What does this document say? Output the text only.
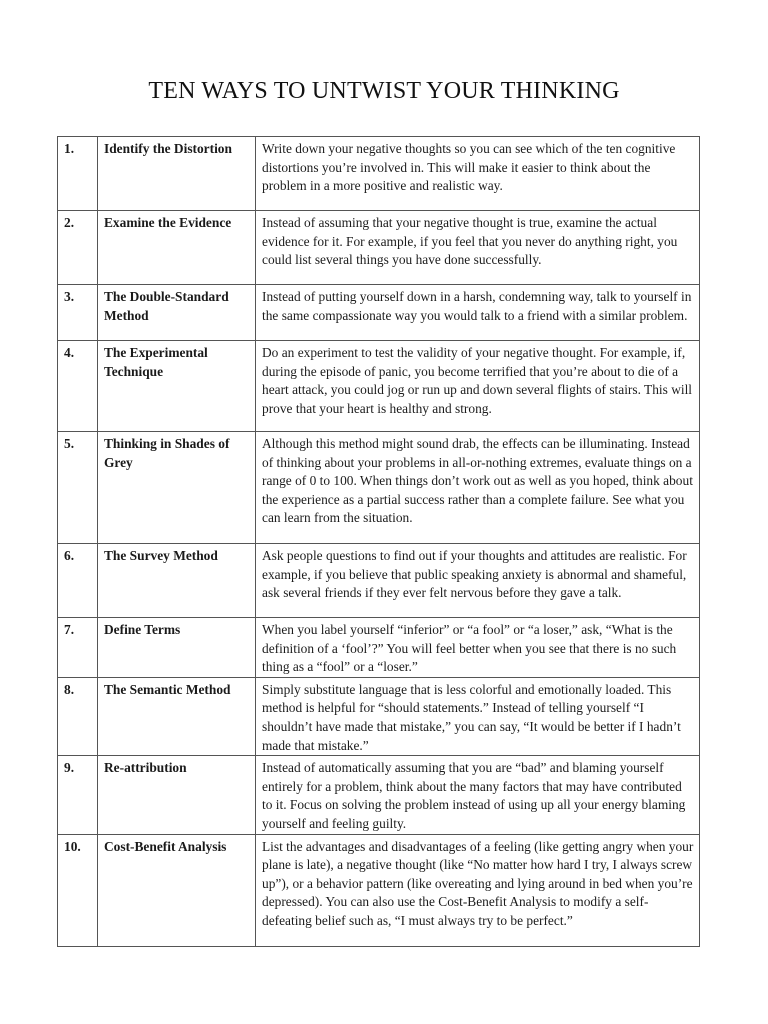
TEN WAYS TO UNTWIST YOUR THINKING
1.	Identify the Distortion	Write down your negative thoughts so you can see which of the ten cognitive distortions you’re involved in. This will make it easier to think about the problem in a more positive and realistic way.
2.	Examine the Evidence	Instead of assuming that your negative thought is true, examine the actual evidence for it. For example, if you feel that you never do anything right, you could list several things you have done successfully.
3.	The Double-Standard Method	Instead of putting yourself down in a harsh, condemning way, talk to yourself in the same compassionate way you would talk to a friend with a similar problem.
4.	The Experimental Technique	Do an experiment to test the validity of your negative thought. For example, if, during the episode of panic, you become terrified that you’re about to die of a heart attack, you could jog or run up and down several flights of stairs. This will prove that your heart is healthy and strong.
5.	Thinking in Shades of Grey	Although this method might sound drab, the effects can be illuminating. Instead of thinking about your problems in all-or-nothing extremes, evaluate things on a range of 0 to 100. When things don’t work out as well as you hoped, think about the experience as a partial success rather than a complete failure. See what you can learn from the situation.
6.	The Survey Method	Ask people questions to find out if your thoughts and attitudes are realistic. For example, if you believe that public speaking anxiety is abnormal and shameful, ask several friends if they ever felt nervous before they gave a talk.
7.	Define Terms	When you label yourself “inferior” or “a fool” or “a loser,” ask, “What is the definition of a ‘fool’?” You will feel better when you see that there is no such thing as a “fool” or a “loser.”
8.	The Semantic Method	Simply substitute language that is less colorful and emotionally loaded. This method is helpful for “should statements.” Instead of telling yourself “I shouldn’t have made that mistake,” you can say, “It would be better if I hadn’t made that mistake.”
9.	Re-attribution	Instead of automatically assuming that you are “bad” and blaming yourself entirely for a problem, think about the many factors that may have contributed to it. Focus on solving the problem instead of using up all your energy blaming yourself and feeling guilty.
10.	Cost-Benefit Analysis	List the advantages and disadvantages of a feeling (like getting angry when your plane is late), a negative thought (like “No matter how hard I try, I always screw up”), or a behavior pattern (like overeating and lying around in bed when you’re depressed). You can also use the Cost-Benefit Analysis to modify a self-defeating belief such as, “I must always try to be perfect.”
